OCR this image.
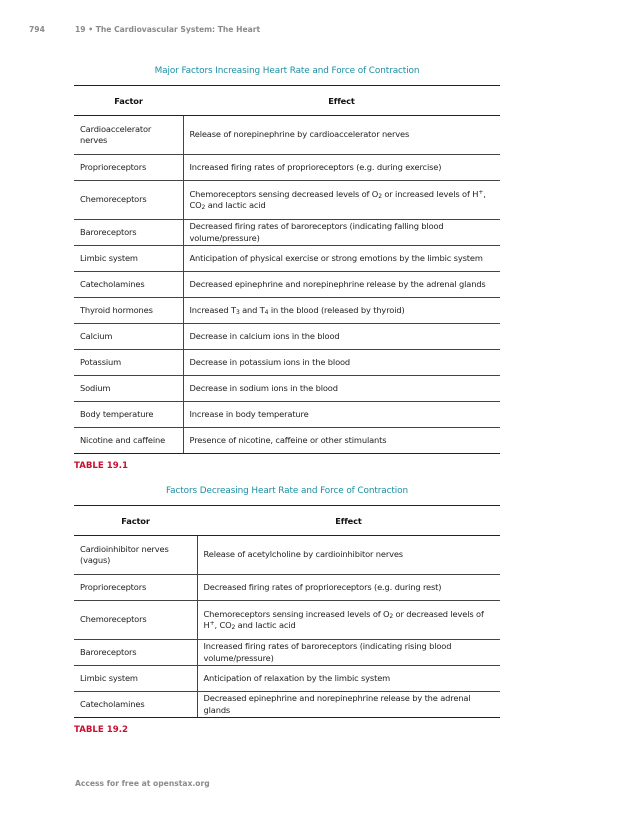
794	19 • The Cardiovascular System: The Heart
Major Factors Increasing Heart Rate and Force of Contraction
Factor	Effect
Cardioaccelerator nerves	Release of norepinephrine by cardioaccelerator nerves
Proprioreceptors	Increased firing rates of proprioreceptors (e.g. during exercise)
Chemoreceptors	Chemoreceptors sensing decreased levels of $O_2$ or increased levels of H+, $CO_2$ and lactic acid
Baroreceptors	Decreased firing rates of baroreceptors (indicating falling blood volume/pressure)
Limbic system	Anticipation of physical exercise or strong emotions by the limbic system
Catecholamines	Decreased epinephrine and norepinephrine release by the adrenal glands
Thyroid hormones	Increased $T_3$ and $T_4$ in the blood (released by thyroid)
Calcium	Decrease in calcium ions in the blood
Potassium	Decrease in potassium ions in the blood
Sodium	Decrease in sodium ions in the blood
Body temperature	Increase in body temperature
Nicotine and caffeine	Presence of nicotine, caffeine or other stimulants
TABLE 19.1
Factors Decreasing Heart Rate and Force of Contraction
Factor	Effect
Cardioinhibitor nerves (vagus)	Release of acetylcholine by cardioinhibitor nerves
Proprioreceptors	Decreased firing rates of proprioreceptors (e.g. during rest)
Chemoreceptors	Chemoreceptors sensing increased levels of $O_2$ or decreased levels of H+, $CO_2$ and lactic acid
Baroreceptors	Increased firing rates of baroreceptors (indicating rising blood volume/pressure)
Limbic system	Anticipation of relaxation by the limbic system
Catecholamines	Decreased epinephrine and norepinephrine release by the adrenal glands
TABLE 19.2
Access for free at openstax.org
